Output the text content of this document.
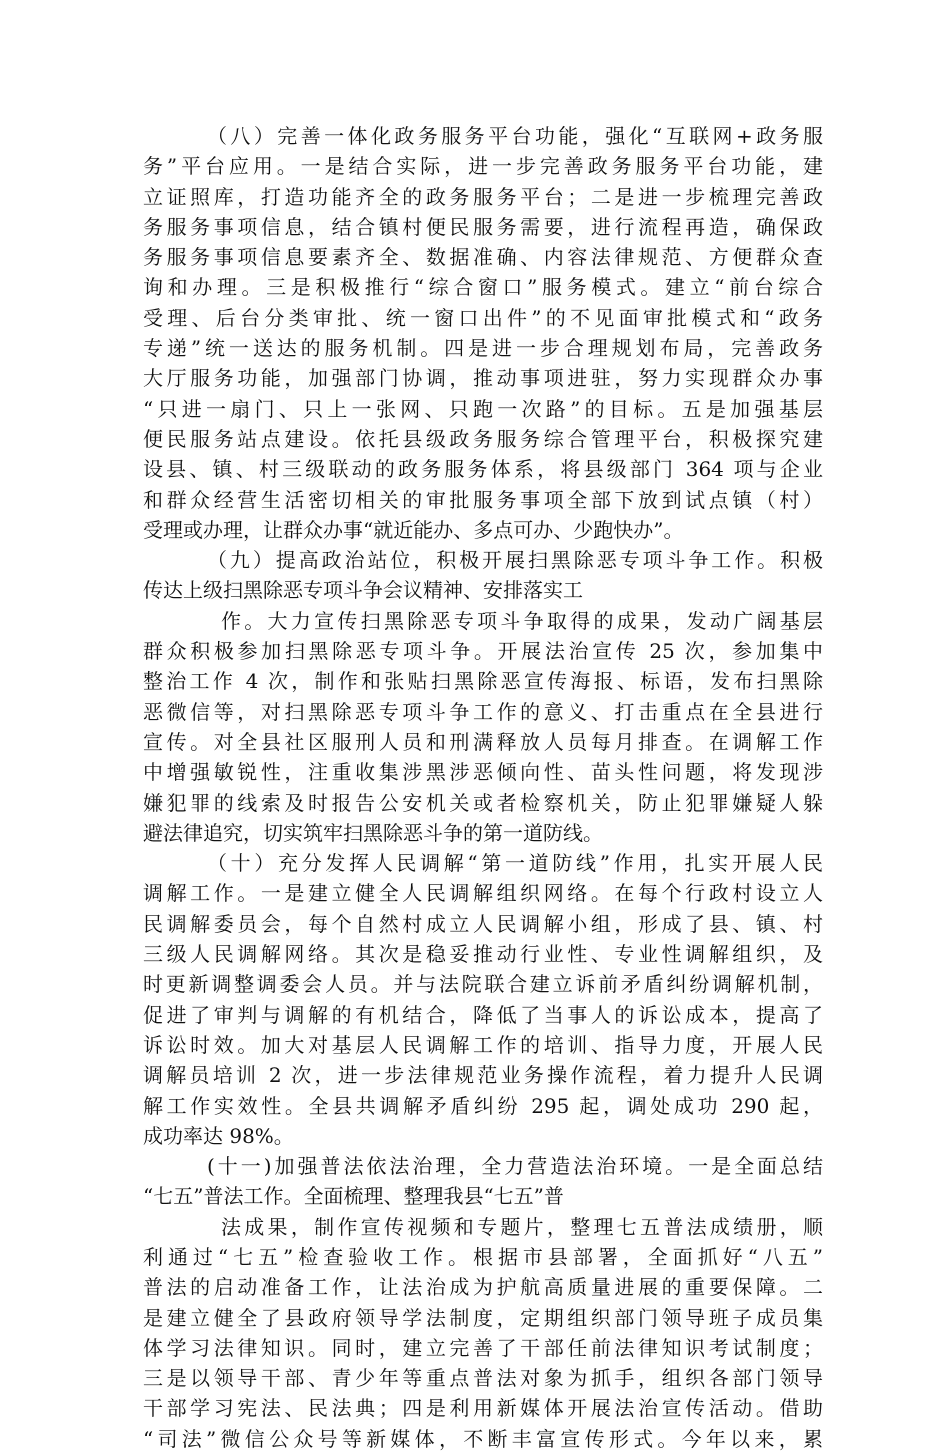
（八）完善一体化政务服务平台功能，强化“互联网+政务服
务”平台应用。一是结合实际，进一步完善政务服务平台功能，建
立证照库，打造功能齐全的政务服务平台；二是进一步梳理完善政
务服务事项信息，结合镇村便民服务需要，进行流程再造，确保政
务服务事项信息要素齐全、数据准确、内容法律规范、方便群众查
询和办理。三是积极推行“综合窗口”服务模式。建立“前台综合
受理、后台分类审批、统一窗口出件”的不见面审批模式和“政务
专递”统一送达的服务机制。四是进一步合理规划布局，完善政务
大厅服务功能，加强部门协调，推动事项进驻，努力实现群众办事
“只进一扇门、只上一张网、只跑一次路”的目标。五是加强基层
便民服务站点建设。依托县级政务服务综合管理平台，积极探究建
设县、镇、村三级联动的政务服务体系，将县级部门 364 项与企业
和群众经营生活密切相关的审批服务事项全部下放到试点镇（村）
受理或办理，让群众办事“就近能办、多点可办、少跑快办”。
（九）提高政治站位，积极开展扫黑除恶专项斗争工作。积极
传达上级扫黑除恶专项斗争会议精神、安排落实工
作。大力宣传扫黑除恶专项斗争取得的成果，发动广阔基层
群众积极参加扫黑除恶专项斗争。开展法治宣传 25 次，参加集中
整治工作 4 次，制作和张贴扫黑除恶宣传海报、标语，发布扫黑除
恶微信等，对扫黑除恶专项斗争工作的意义、打击重点在全县进行
宣传。对全县社区服刑人员和刑满释放人员每月排查。在调解工作
中增强敏锐性，注重收集涉黑涉恶倾向性、苗头性问题，将发现涉
嫌犯罪的线索及时报告公安机关或者检察机关，防止犯罪嫌疑人躲
避法律追究，切实筑牢扫黑除恶斗争的第一道防线。
（十）充分发挥人民调解“第一道防线”作用，扎实开展人民
调解工作。一是建立健全人民调解组织网络。在每个行政村设立人
民调解委员会，每个自然村成立人民调解小组，形成了县、镇、村
三级人民调解网络。其次是稳妥推动行业性、专业性调解组织，及
时更新调整调委会人员。并与法院联合建立诉前矛盾纠纷调解机制，
促进了审判与调解的有机结合，降低了当事人的诉讼成本，提高了
诉讼时效。加大对基层人民调解工作的培训、指导力度，开展人民
调解员培训 2 次，进一步法律规范业务操作流程，着力提升人民调
解工作实效性。全县共调解矛盾纠纷 295 起，调处成功 290 起，
成功率达 98%。
(十一)加强普法依法治理，全力营造法治环境。一是全面总结
“七五”普法工作。全面梳理、整理我县“七五”普
法成果，制作宣传视频和专题片，整理七五普法成绩册，顺
利通过“七五”检查验收工作。根据市县部署，全面抓好“八五”
普法的启动准备工作，让法治成为护航高质量进展的重要保障。二
是建立健全了县政府领导学法制度，定期组织部门领导班子成员集
体学习法律知识。同时，建立完善了干部任前法律知识考试制度；
三是以领导干部、青少年等重点普法对象为抓手，组织各部门领导
干部学习宪法、民法典；四是利用新媒体开展法治宣传活动。借助
“司法”微信公众号等新媒体，不断丰富宣传形式。今年以来，累
